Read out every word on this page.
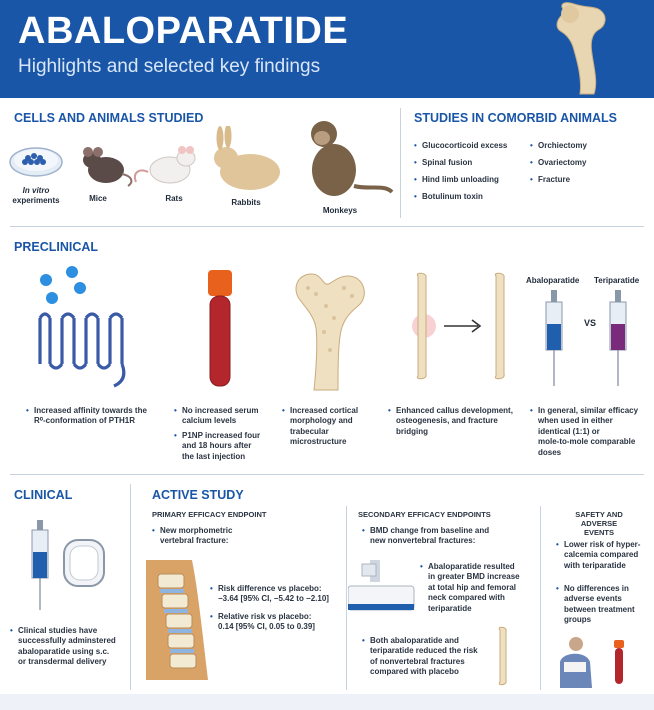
ABALOPARATIDE
Highlights and selected key findings
CELLS AND ANIMALS STUDIED
In vitro
experiments	Mice	Rats	Rabbits
Monkeys
STUDIES IN COMORBID ANIMALS
• Glucocorticoid excess
• Spinal fusion
• Hind limb unloading
• Botulinum toxin
• Orchiectomy
• Ovariectomy
• Fracture
PRECLINICAL
Abaloparatide	Teriparatide
VS
• Increased affinity towards the
R⁰-conformation of PTH1R
• No increased serum
calcium levels
• P1NP increased four
and 18 hours after
the last injection
• Increased cortical
morphology and
trabecular
microstructure
• Enhanced callus development,
osteogenesis, and fracture
bridging
• In general, similar efficacy
when used in either
identical (1:1) or
mole-to-mole comparable
doses
CLINICAL
• Clinical studies have
successfully adminstered
abaloparatide using s.c.
or transdermal delivery
ACTIVE STUDY
PRIMARY EFFICACY ENDPOINT
• New morphometric
vertebral fracture:
• Risk difference vs placebo:
−3.64 [95% CI, −5.42 to −2.10]
• Relative risk vs placebo:
0.14 [95% CI, 0.05 to 0.39]
SECONDARY EFFICACY ENDPOINTS
• BMD change from baseline and
new nonvertebral fractures:
• Abaloparatide resulted
in greater BMD increase
at total hip and femoral
neck compared with
teriparatide
• Both abaloparatide and
teriparatide reduced the risk
of nonvertebral fractures
compared with placebo
SAFETY AND
ADVERSE EVENTS
• Lower risk of hyper-
calcemia compared
with teriparatide
• No differences in
adverse events
between treatment
groups
